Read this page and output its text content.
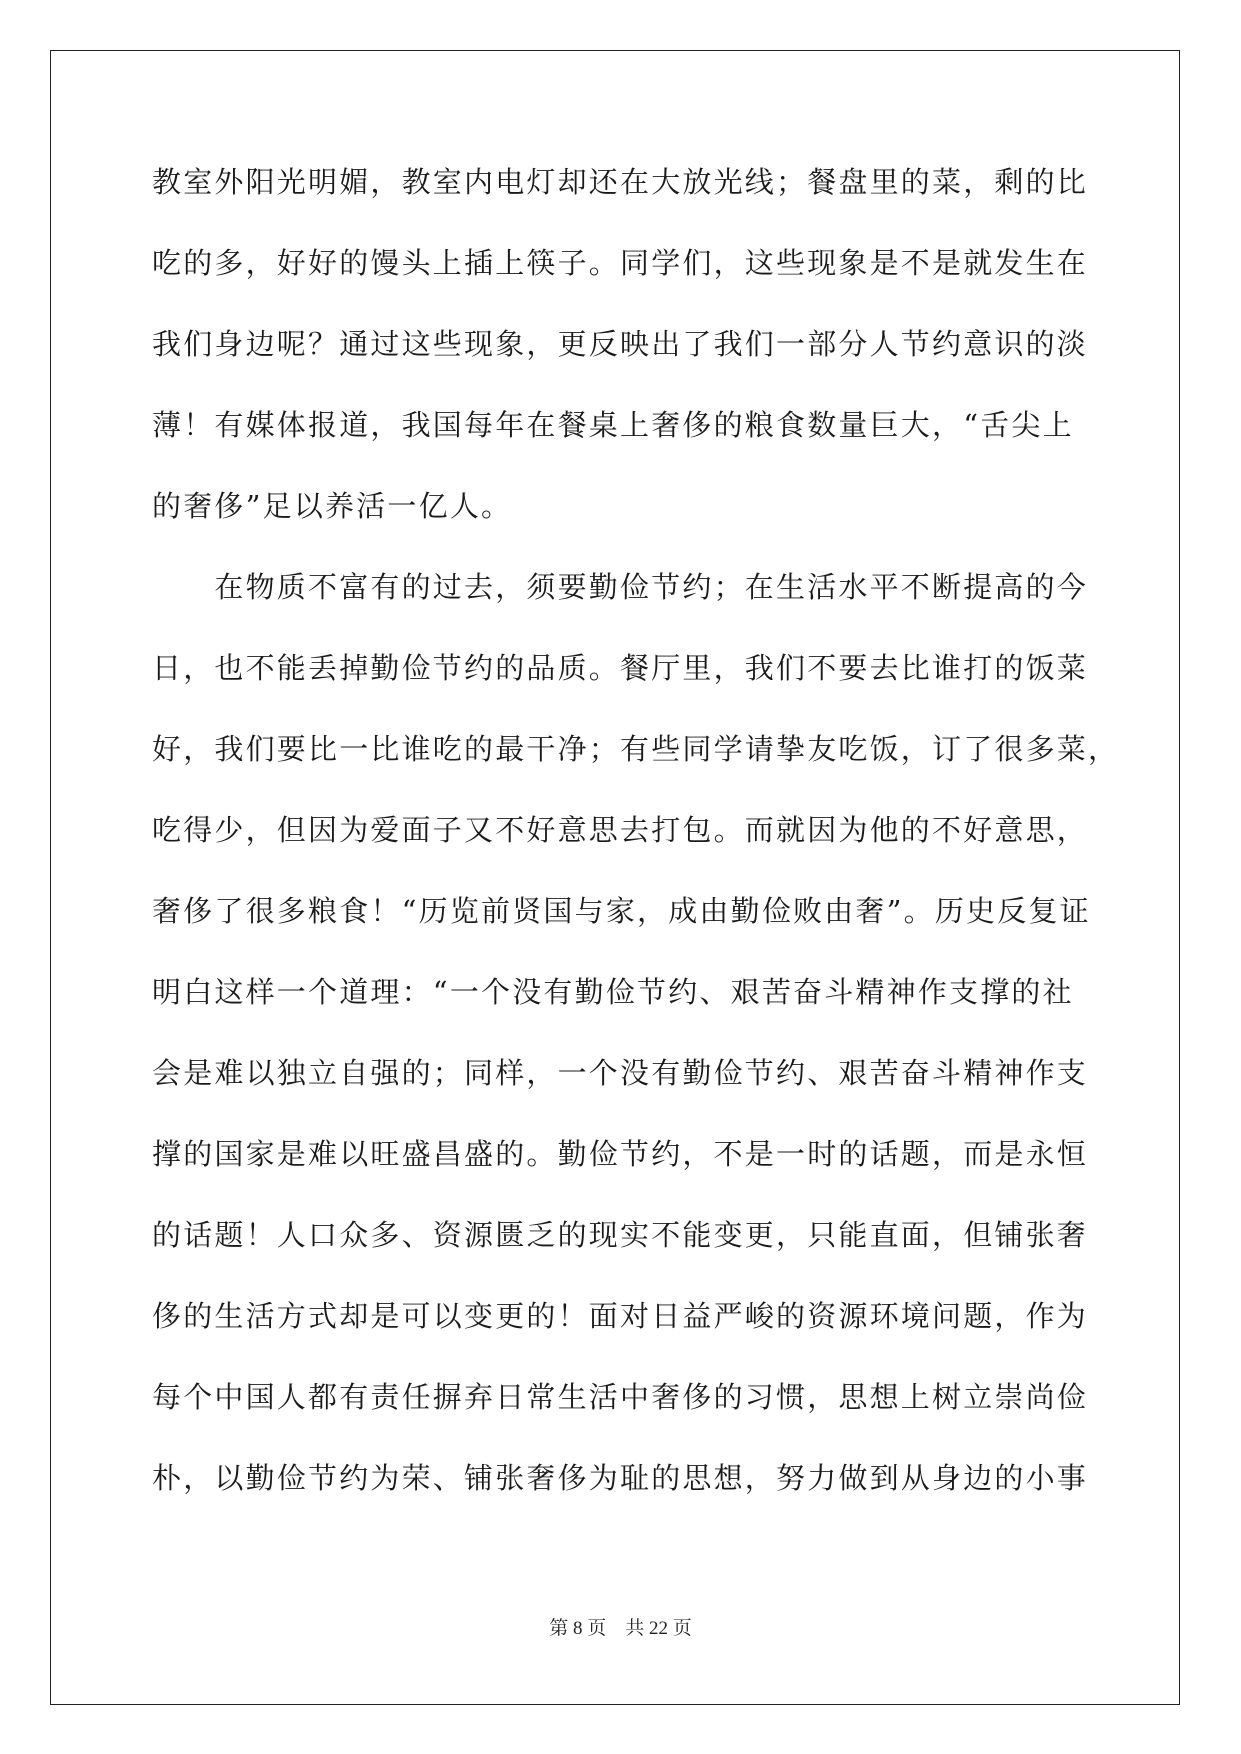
教室外阳光明媚，教室内电灯却还在大放光线；餐盘里的菜，剩的比
吃的多，好好的馒头上插上筷子。同学们，这些现象是不是就发生在
我们身边呢？通过这些现象，更反映出了我们一部分人节约意识的淡
薄！有媒体报道，我国每年在餐桌上奢侈的粮食数量巨大，“舌尖上
的奢侈”足以养活一亿人。
　　在物质不富有的过去，须要勤俭节约；在生活水平不断提高的今
日，也不能丢掉勤俭节约的品质。餐厅里，我们不要去比谁打的饭菜
好，我们要比一比谁吃的最干净；有些同学请挚友吃饭，订了很多菜，
吃得少，但因为爱面子又不好意思去打包。而就因为他的不好意思，
奢侈了很多粮食！“历览前贤国与家，成由勤俭败由奢”。历史反复证
明白这样一个道理：“一个没有勤俭节约、艰苦奋斗精神作支撑的社
会是难以独立自强的；同样，一个没有勤俭节约、艰苦奋斗精神作支
撑的国家是难以旺盛昌盛的。勤俭节约，不是一时的话题，而是永恒
的话题！人口众多、资源匮乏的现实不能变更，只能直面，但铺张奢
侈的生活方式却是可以变更的！面对日益严峻的资源环境问题，作为
每个中国人都有责任摒弃日常生活中奢侈的习惯，思想上树立崇尚俭
朴，以勤俭节约为荣、铺张奢侈为耻的思想，努力做到从身边的小事
第 8 页　共 22 页
